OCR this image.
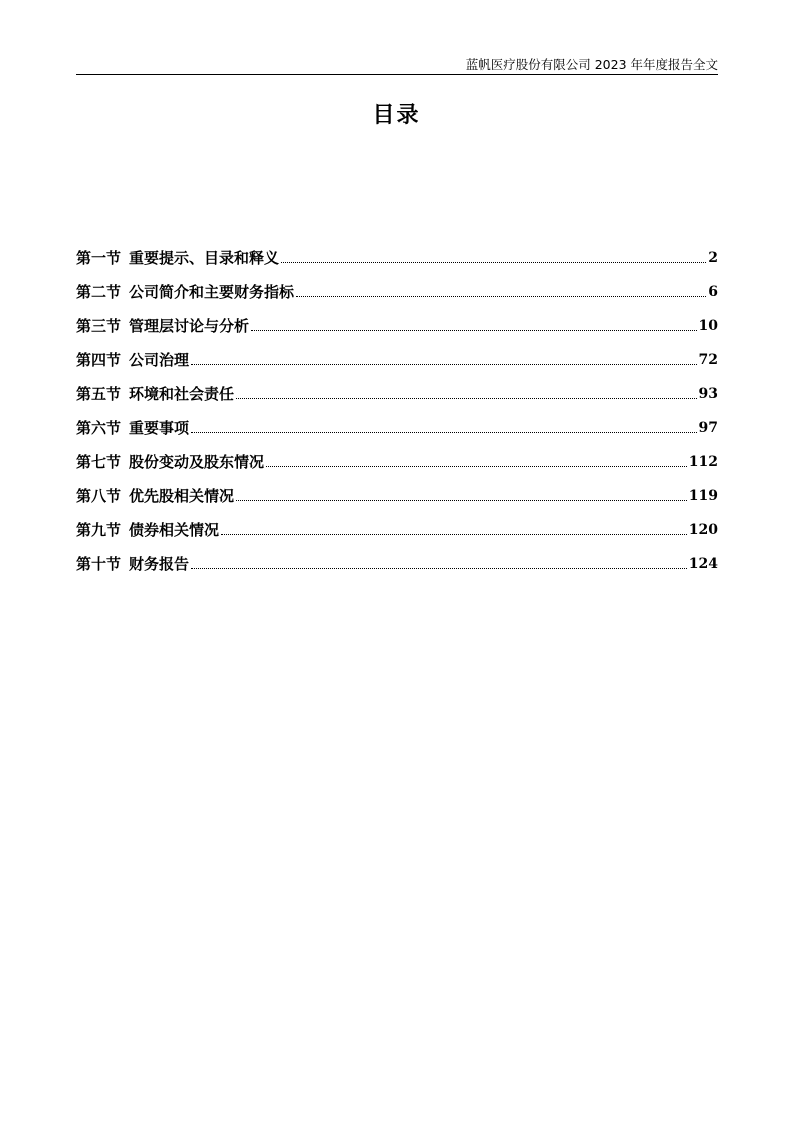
蓝帆医疗股份有限公司 2023 年年度报告全文
目录
第一节 重要提示、目录和释义	2
第二节 公司简介和主要财务指标	6
第三节 管理层讨论与分析	10
第四节 公司治理	72
第五节 环境和社会责任	93
第六节 重要事项	97
第七节 股份变动及股东情况	112
第八节 优先股相关情况	119
第九节 债券相关情况	120
第十节 财务报告	124
